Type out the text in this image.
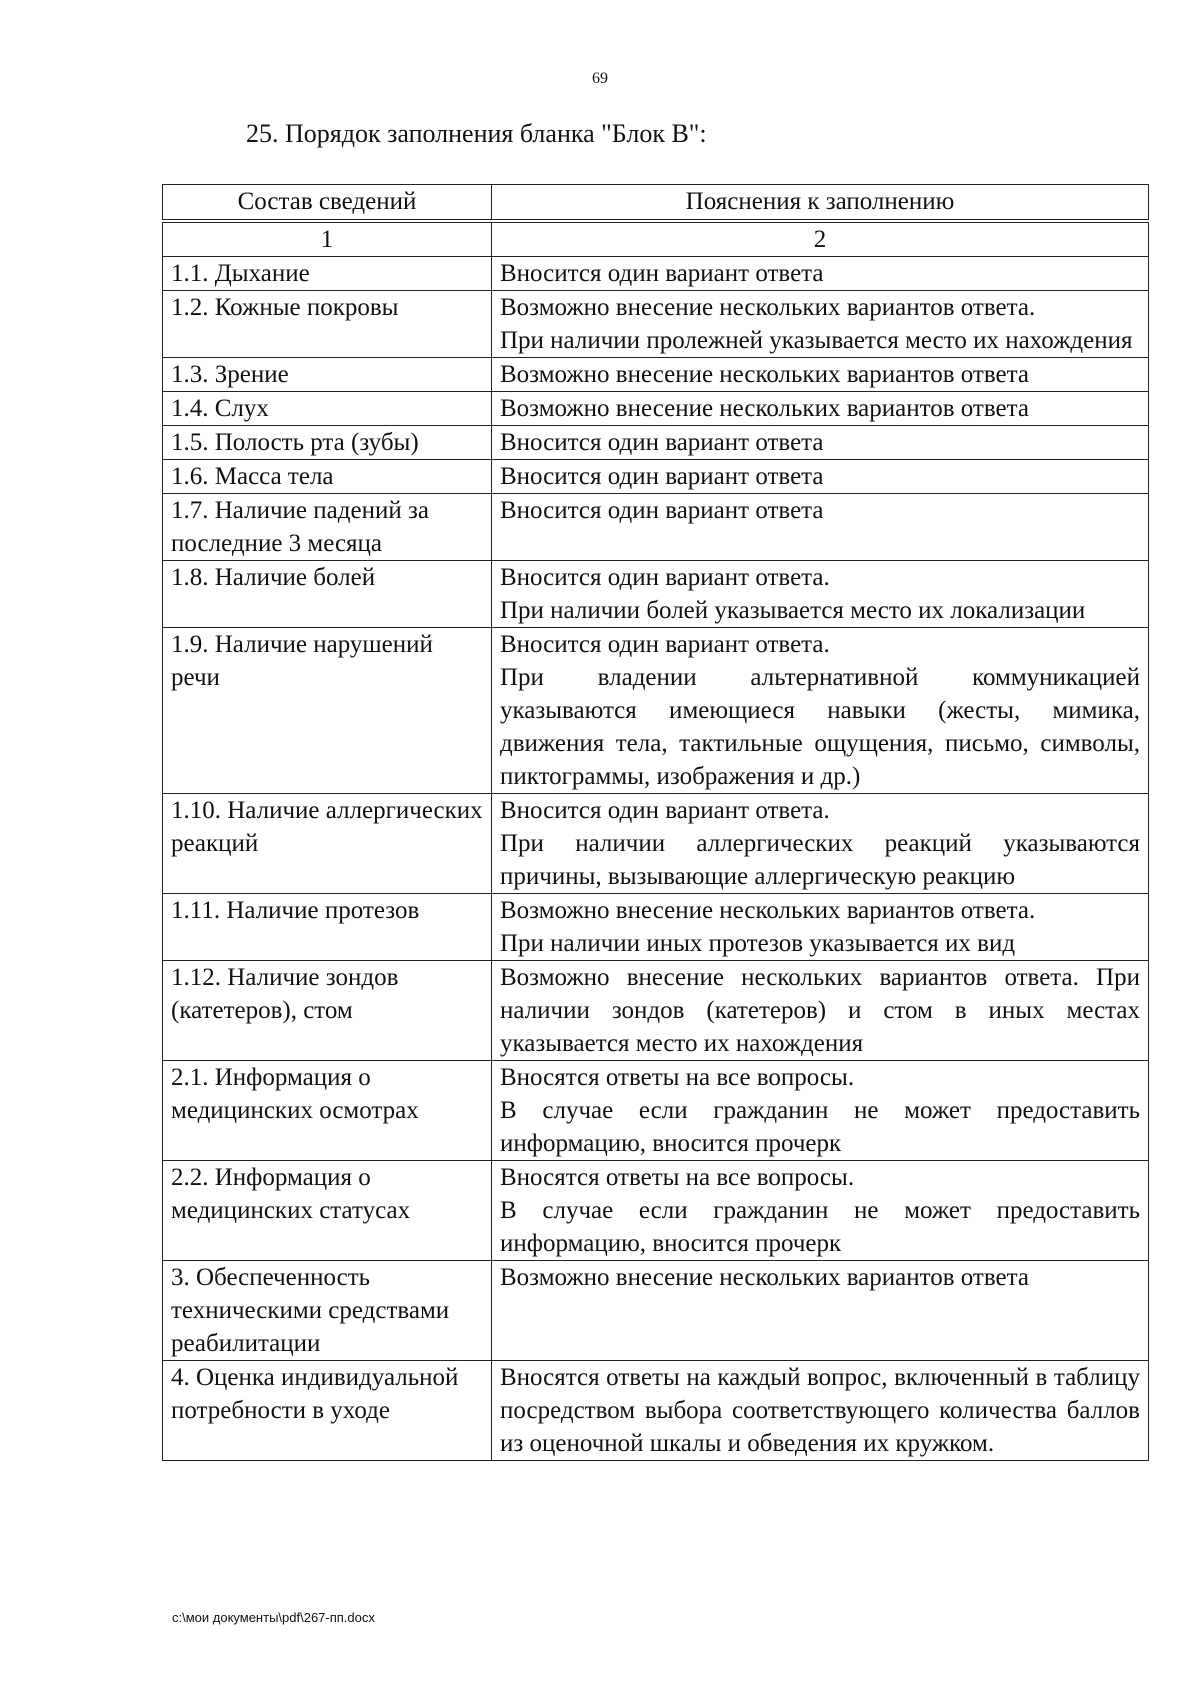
69
25. Порядок заполнения бланка "Блок В":
Состав сведений	Пояснения к заполнению
1	2
1.1. Дыхание	Вносится один вариант ответа

1.2. Кожные покровы	Возможно внесение нескольких вариантов ответа.
При наличии пролежней указывается место их нахождения

1.3. Зрение	Возможно внесение нескольких вариантов ответа

1.4. Слух	Возможно внесение нескольких вариантов ответа

1.5. Полость рта (зубы)	Вносится один вариант ответа

1.6. Масса тела	Вносится один вариант ответа

1.7. Наличие падений за последние 3 месяца	Вносится один вариант ответа

1.8. Наличие болей	Вносится один вариант ответа.
При наличии болей указывается место их локализации

1.9. Наличие нарушений речи	Вносится один вариант ответа.
При владении альтернативной коммуникацией указываются имеющиеся навыки (жесты, мимика, движения тела, тактильные ощущения, письмо, символы, пиктограммы, изображения и др.)

1.10. Наличие аллергических реакций	Вносится один вариант ответа.
При наличии аллергических реакций указываются причины, вызывающие аллергическую реакцию

1.11. Наличие протезов	Возможно внесение нескольких вариантов ответа.
При наличии иных протезов указывается их вид

1.12. Наличие зондов (катетеров), стом	Возможно внесение нескольких вариантов ответа. При наличии зондов (катетеров) и стом в иных местах указывается место их нахождения

2.1. Информация о медицинских осмотрах	Вносятся ответы на все вопросы.
В случае если гражданин не может предоставить информацию, вносится прочерк

2.2. Информация о медицинских статусах	Вносятся ответы на все вопросы.
В случае если гражданин не может предоставить информацию, вносится прочерк

3. Обеспеченность техническими средствами реабилитации	Возможно внесение нескольких вариантов ответа

4. Оценка индивидуальной потребности в уходе	Вносятся ответы на каждый вопрос, включенный в таблицу посредством выбора соответствующего количества баллов из оценочной шкалы и обведения их кружком.
c:\мои документы\pdf\267-пп.docx
